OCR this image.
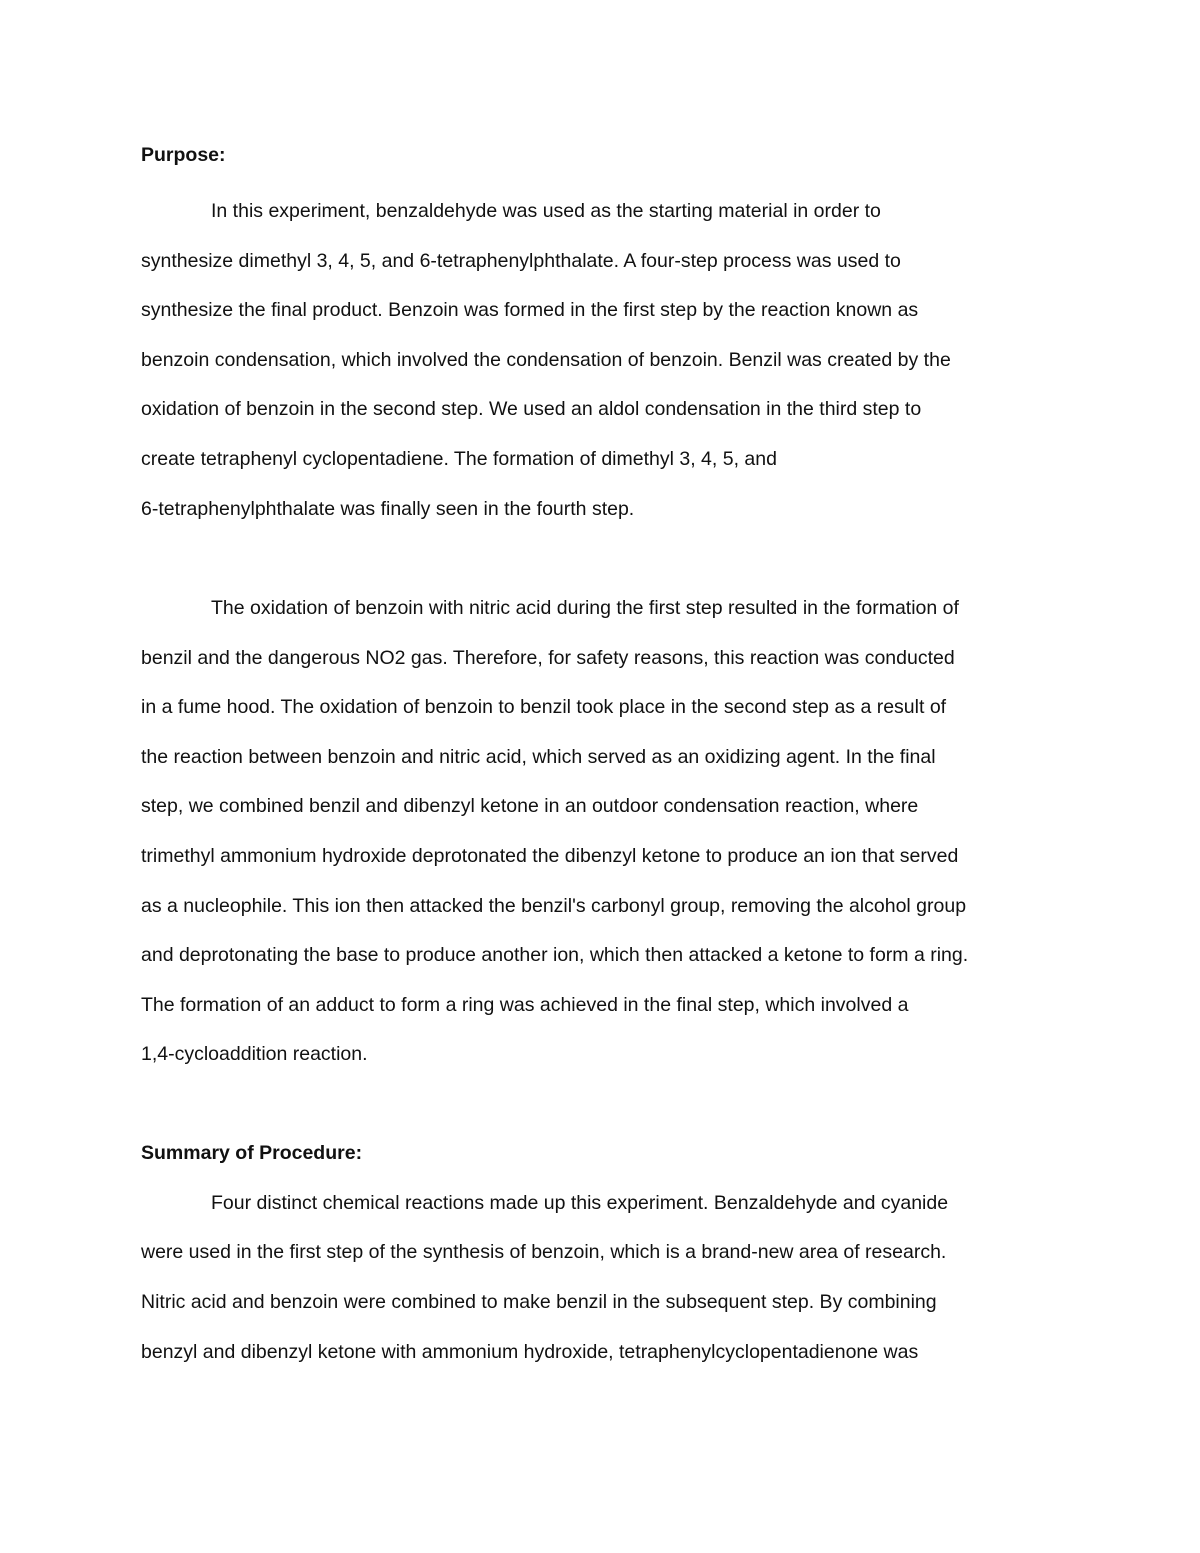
Purpose:
In this experiment, benzaldehyde was used as the starting material in order to
synthesize dimethyl 3, 4, 5, and 6-tetraphenylphthalate. A four-step process was used to
synthesize the final product. Benzoin was formed in the first step by the reaction known as
benzoin condensation, which involved the condensation of benzoin. Benzil was created by the
oxidation of benzoin in the second step. We used an aldol condensation in the third step to
create tetraphenyl cyclopentadiene. The formation of dimethyl 3, 4, 5, and
6-tetraphenylphthalate was finally seen in the fourth step.
The oxidation of benzoin with nitric acid during the first step resulted in the formation of
benzil and the dangerous NO2 gas. Therefore, for safety reasons, this reaction was conducted
in a fume hood. The oxidation of benzoin to benzil took place in the second step as a result of
the reaction between benzoin and nitric acid, which served as an oxidizing agent. In the final
step, we combined benzil and dibenzyl ketone in an outdoor condensation reaction, where
trimethyl ammonium hydroxide deprotonated the dibenzyl ketone to produce an ion that served
as a nucleophile. This ion then attacked the benzil's carbonyl group, removing the alcohol group
and deprotonating the base to produce another ion, which then attacked a ketone to form a ring.
The formation of an adduct to form a ring was achieved in the final step, which involved a
1,4-cycloaddition reaction.
Summary of Procedure:
Four distinct chemical reactions made up this experiment. Benzaldehyde and cyanide
were used in the first step of the synthesis of benzoin, which is a brand-new area of research.
Nitric acid and benzoin were combined to make benzil in the subsequent step. By combining
benzyl and dibenzyl ketone with ammonium hydroxide, tetraphenylcyclopentadienone was
